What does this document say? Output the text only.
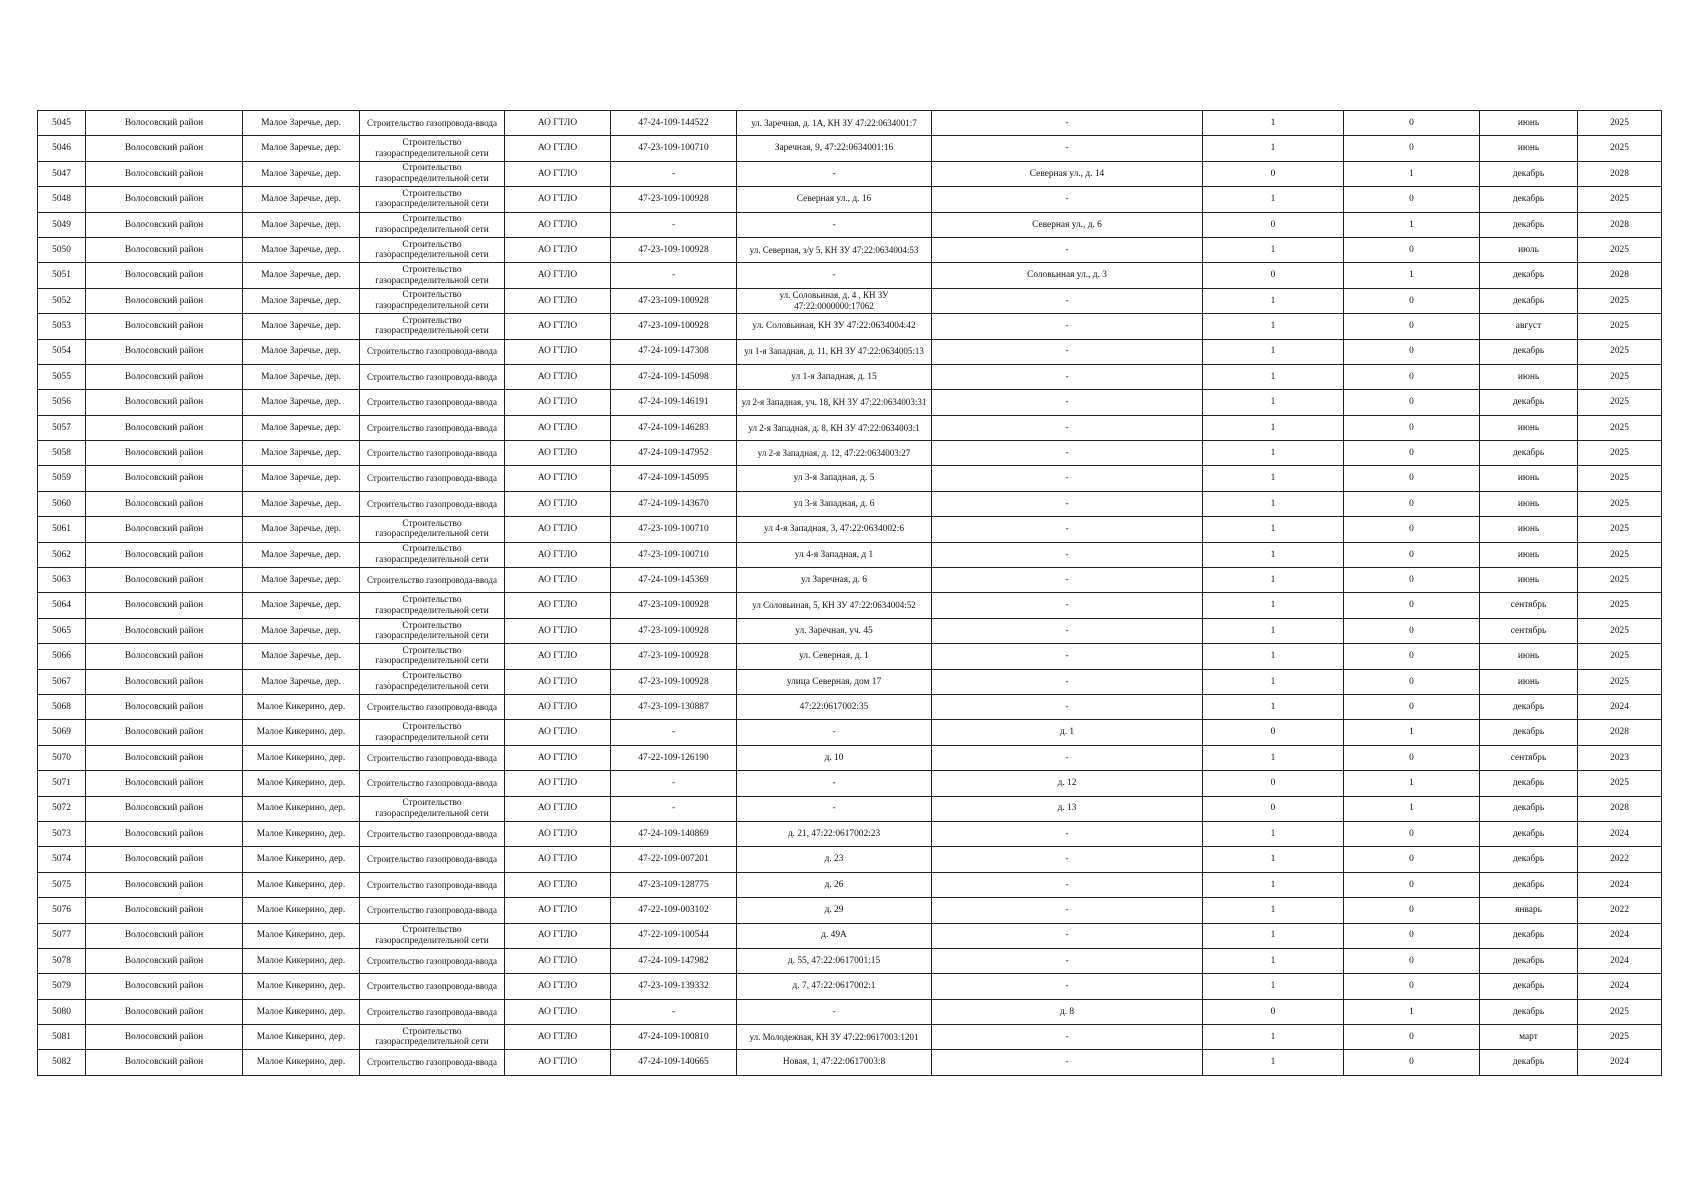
5045	Волосовский район	Малое Заречье, дер.	Строительство газопровода-ввода	АО ГТЛО	47-24-109-144522	ул. Заречная, д. 1А, КН ЗУ 47:22:0634001:7	-	1	0	июнь	2025
5046	Волосовский район	Малое Заречье, дер.	Строительство газораспределительной сети	АО ГТЛО	47-23-109-100710	Заречная, 9, 47:22:0634001:16	-	1	0	июнь	2025
5047	Волосовский район	Малое Заречье, дер.	Строительство газораспределительной сети	АО ГТЛО	-	-	Северная ул., д. 14	0	1	декабрь	2028
5048	Волосовский район	Малое Заречье, дер.	Строительство газораспределительной сети	АО ГТЛО	47-23-109-100928	Северная ул., д. 16	-	1	0	декабрь	2025
5049	Волосовский район	Малое Заречье, дер.	Строительство газораспределительной сети	АО ГТЛО	-	-	Северная ул., д. 6	0	1	декабрь	2028
5050	Волосовский район	Малое Заречье, дер.	Строительство газораспределительной сети	АО ГТЛО	47-23-109-100928	ул. Северная, з/у 5, КН ЗУ 47:22:0634004:53	-	1	0	июль	2025
5051	Волосовский район	Малое Заречье, дер.	Строительство газораспределительной сети	АО ГТЛО	-	-	Соловьиная ул., д. 3	0	1	декабрь	2028
5052	Волосовский район	Малое Заречье, дер.	Строительство газораспределительной сети	АО ГТЛО	47-23-109-100928	ул. Соловьиная, д. 4 , КН ЗУ 47:22:0000000:17062	-	1	0	декабрь	2025
5053	Волосовский район	Малое Заречье, дер.	Строительство газораспределительной сети	АО ГТЛО	47-23-109-100928	ул. Соловьиная, КН ЗУ 47:22:0634004:42	-	1	0	август	2025
5054	Волосовский район	Малое Заречье, дер.	Строительство газопровода-ввода	АО ГТЛО	47-24-109-147308	ул 1-я Западная, д. 11, КН ЗУ 47:22:0634005:13	-	1	0	декабрь	2025
5055	Волосовский район	Малое Заречье, дер.	Строительство газопровода-ввода	АО ГТЛО	47-24-109-145098	ул 1-я Западная, д. 15	-	1	0	июнь	2025
5056	Волосовский район	Малое Заречье, дер.	Строительство газопровода-ввода	АО ГТЛО	47-24-109-146191	ул 2-я Западная, уч. 18, КН ЗУ 47:22:0634003:31	-	1	0	декабрь	2025
5057	Волосовский район	Малое Заречье, дер.	Строительство газопровода-ввода	АО ГТЛО	47-24-109-146283	ул 2-я Западная, д. 8, КН ЗУ 47:22:0634003:1	-	1	0	июнь	2025
5058	Волосовский район	Малое Заречье, дер.	Строительство газопровода-ввода	АО ГТЛО	47-24-109-147952	ул 2-я Западная, д. 12, 47:22:0634003:27	-	1	0	декабрь	2025
5059	Волосовский район	Малое Заречье, дер.	Строительство газопровода-ввода	АО ГТЛО	47-24-109-145095	ул 3-я Западная, д. 5	-	1	0	июнь	2025
5060	Волосовский район	Малое Заречье, дер.	Строительство газопровода-ввода	АО ГТЛО	47-24-109-143670	ул 3-я Западная, д. 6	-	1	0	июнь	2025
5061	Волосовский район	Малое Заречье, дер.	Строительство газораспределительной сети	АО ГТЛО	47-23-109-100710	ул 4-я Западная, 3, 47:22:0634002:6	-	1	0	июнь	2025
5062	Волосовский район	Малое Заречье, дер.	Строительство газораспределительной сети	АО ГТЛО	47-23-109-100710	ул 4-я Западная, д 1	-	1	0	июнь	2025
5063	Волосовский район	Малое Заречье, дер.	Строительство газопровода-ввода	АО ГТЛО	47-24-109-145369	ул Заречная, д. 6	-	1	0	июнь	2025
5064	Волосовский район	Малое Заречье, дер.	Строительство газораспределительной сети	АО ГТЛО	47-23-109-100928	ул Соловьиная, 5, КН ЗУ 47:22:0634004:52	-	1	0	сентябрь	2025
5065	Волосовский район	Малое Заречье, дер.	Строительство газораспределительной сети	АО ГТЛО	47-23-109-100928	ул. Заречная, уч. 45	-	1	0	сентябрь	2025
5066	Волосовский район	Малое Заречье, дер.	Строительство газораспределительной сети	АО ГТЛО	47-23-109-100928	ул. Северная, д. 1	-	1	0	июнь	2025
5067	Волосовский район	Малое Заречье, дер.	Строительство газораспределительной сети	АО ГТЛО	47-23-109-100928	улица Северная, дом 17	-	1	0	июнь	2025
5068	Волосовский район	Малое Кикерино, дер.	Строительство газопровода-ввода	АО ГТЛО	47-23-109-130887	47:22:0617002:35	-	1	0	декабрь	2024
5069	Волосовский район	Малое Кикерино, дер.	Строительство газораспределительной сети	АО ГТЛО	-	-	д. 1	0	1	декабрь	2028
5070	Волосовский район	Малое Кикерино, дер.	Строительство газопровода-ввода	АО ГТЛО	47-22-109-126190	д. 10	-	1	0	сентябрь	2023
5071	Волосовский район	Малое Кикерино, дер.	Строительство газопровода-ввода	АО ГТЛО	-	-	д. 12	0	1	декабрь	2025
5072	Волосовский район	Малое Кикерино, дер.	Строительство газораспределительной сети	АО ГТЛО	-	-	д. 13	0	1	декабрь	2028
5073	Волосовский район	Малое Кикерино, дер.	Строительство газопровода-ввода	АО ГТЛО	47-24-109-140869	д. 21, 47:22:0617002:23	-	1	0	декабрь	2024
5074	Волосовский район	Малое Кикерино, дер.	Строительство газопровода-ввода	АО ГТЛО	47-22-109-007201	д. 23	-	1	0	декабрь	2022
5075	Волосовский район	Малое Кикерино, дер.	Строительство газопровода-ввода	АО ГТЛО	47-23-109-128775	д. 26	-	1	0	декабрь	2024
5076	Волосовский район	Малое Кикерино, дер.	Строительство газопровода-ввода	АО ГТЛО	47-22-109-003102	д. 29	-	1	0	январь	2022
5077	Волосовский район	Малое Кикерино, дер.	Строительство газораспределительной сети	АО ГТЛО	47-22-109-100544	д. 49А	-	1	0	декабрь	2024
5078	Волосовский район	Малое Кикерино, дер.	Строительство газопровода-ввода	АО ГТЛО	47-24-109-147982	д. 55, 47:22:0617001:15	-	1	0	декабрь	2024
5079	Волосовский район	Малое Кикерино, дер.	Строительство газопровода-ввода	АО ГТЛО	47-23-109-139332	д. 7, 47:22:0617002:1	-	1	0	декабрь	2024
5080	Волосовский район	Малое Кикерино, дер.	Строительство газопровода-ввода	АО ГТЛО	-	-	д. 8	0	1	декабрь	2025
5081	Волосовский район	Малое Кикерино, дер.	Строительство газораспределительной сети	АО ГТЛО	47-24-109-100810	ул. Молодежная, КН ЗУ 47:22:0617003:1201	-	1	0	март	2025
5082	Волосовский район	Малое Кикерино, дер.	Строительство газопровода-ввода	АО ГТЛО	47-24-109-140665	Новая, 1, 47:22:0617003:8	-	1	0	декабрь	2024
